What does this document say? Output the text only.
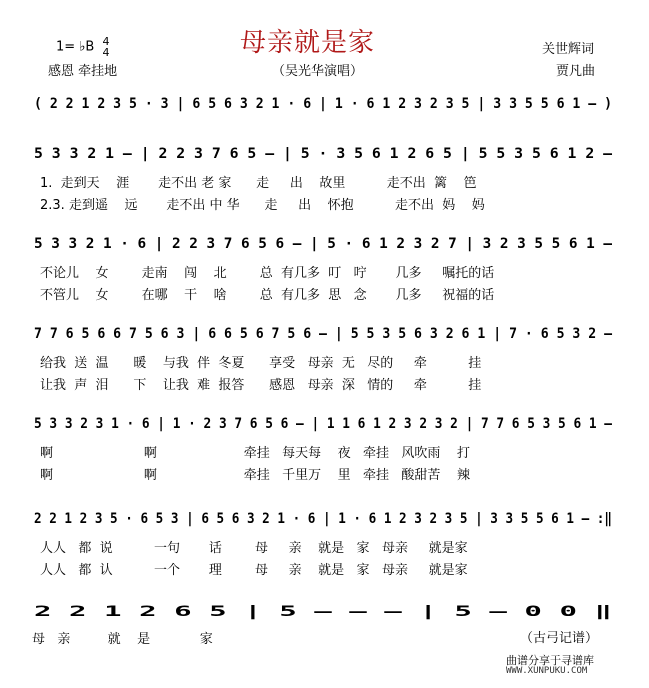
母亲就是家
1= ♭B 4
4
感恩 牵挂地	（吴光华演唱）
关世辉词
贾凡曲
( 2 2 1 2 3 5 · 3 | 6 5 6 3 2 1 · 6 | 1 · 6 1 2 3 2 3 5 | 3 3 5 5 6 1 – )
5 3 3 2 1 – | 2 2 3 7 6 5 – | 5 · 3 5 6 1 2 6 5 | 5 5 3 5 6 1 2 –
1.  走到天    涯       走不出 老 家      走     出    故里          走不出  篱    笆
2.3. 走到遥    远       走不出 中 华      走     出    怀抱          走不出  妈    妈
5 3 3 2 1 · 6 | 2 2 3 7 6 5 6 – | 5 · 6 1 2 3 2 7 | 3 2 3 5 5 6 1 –
不论儿    女        走南    闯    北        总  有几多  叮   咛       几多     嘱托的话
不管儿    女        在哪    干    啥        总  有几多  思   念       几多     祝福的话
7 7 6 5 6 6 7 5 6 3 | 6 6 5 6 7 5 6 – | 5 5 3 5 6 3 2 6 1 | 7 · 6 5 3 2 –
给我  送  温      暖    与我  伴  冬夏      享受   母亲  无   尽的     牵          挂
让我  声  泪      下    让我  难  报答      感恩   母亲  深   情的     牵          挂
5 3 3 2 3 1 · 6 | 1 · 2 3 7 6 5 6 – | 1 1 6 1 2 3 2 3 2 | 7 7 6 5 3 5 6 1 –
啊                      啊                     牵挂   每天每    夜   牵挂   风吹雨    打
啊                      啊                     牵挂   千里万    里   牵挂   酸甜苦    辣
2 2 1 2 3 5 · 6 5 3 | 6 5 6 3 2 1 · 6 | 1 · 6 1 2 3 2 3 5 | 3 3 5 5 6 1 – :‖
人人   都  说          一句       话        母     亲    就是   家   母亲     就是家
人人   都  认          一个       理        母     亲    就是   家   母亲     就是家
2 2 1 2 6 5 | 5 – – – | 5 – 0 0 ‖
母   亲         就    是            家	（古弓记谱）
曲谱分享于寻谱库
WWW.XUNPUKU.COM
